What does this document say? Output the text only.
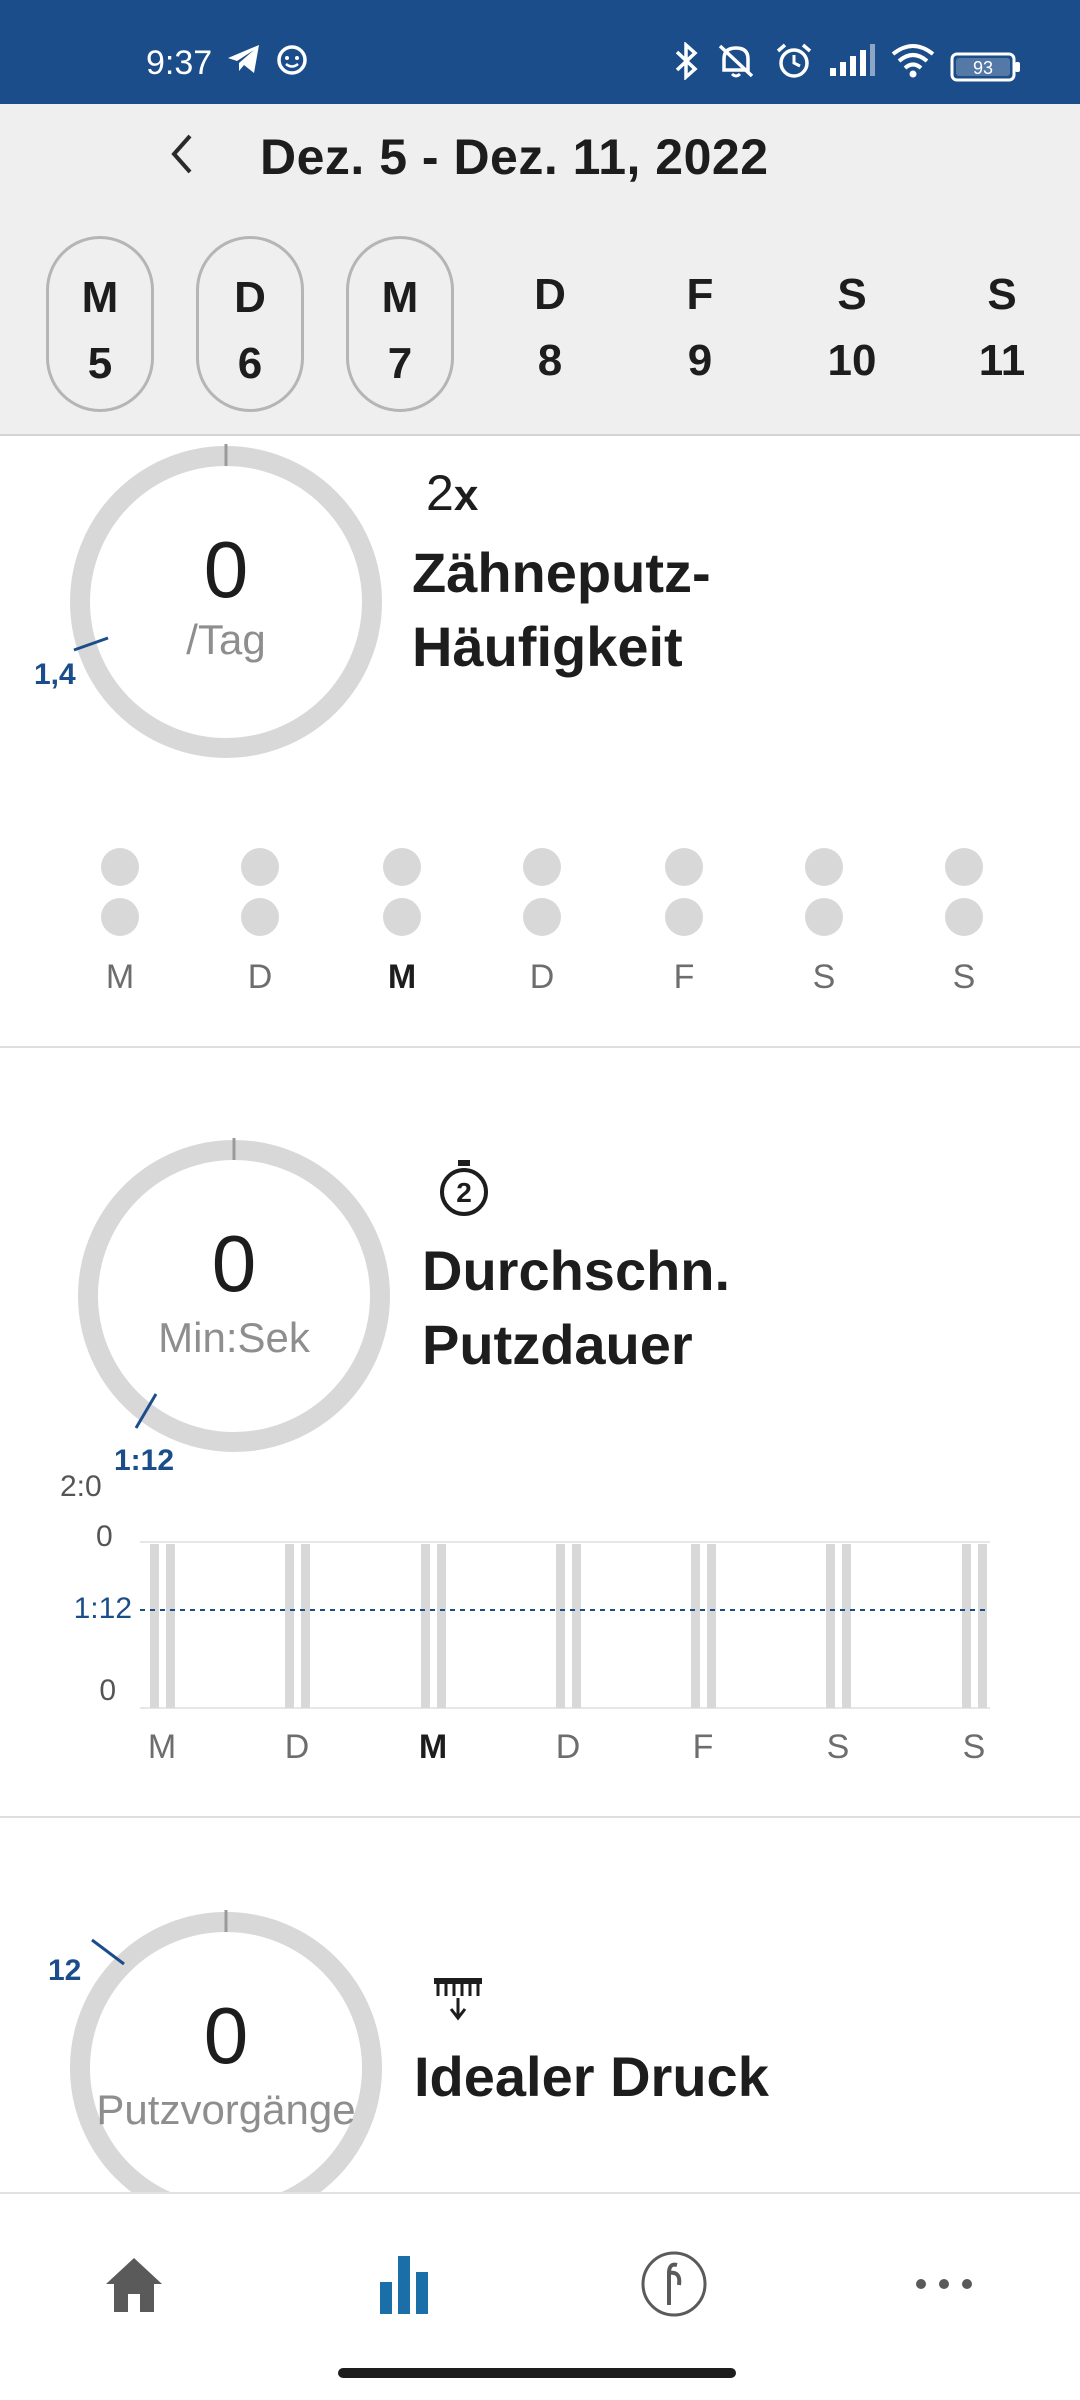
9:37	93
Dez. 5 - Dez. 11, 2022
M
5
D
6
M
7
D
8
F
9
S
10
S
11
0
/Tag
1,4
2x
Zähneputz-
Häufigkeit
M	D	M	D	F	S	S
0
Min:Sek
1:12
2
Durchschn.
Putzdauer
2:0
0
1:12
0
M	D	M	D	F	S	S
0
Putzvorgänge
12
Idealer Druck
